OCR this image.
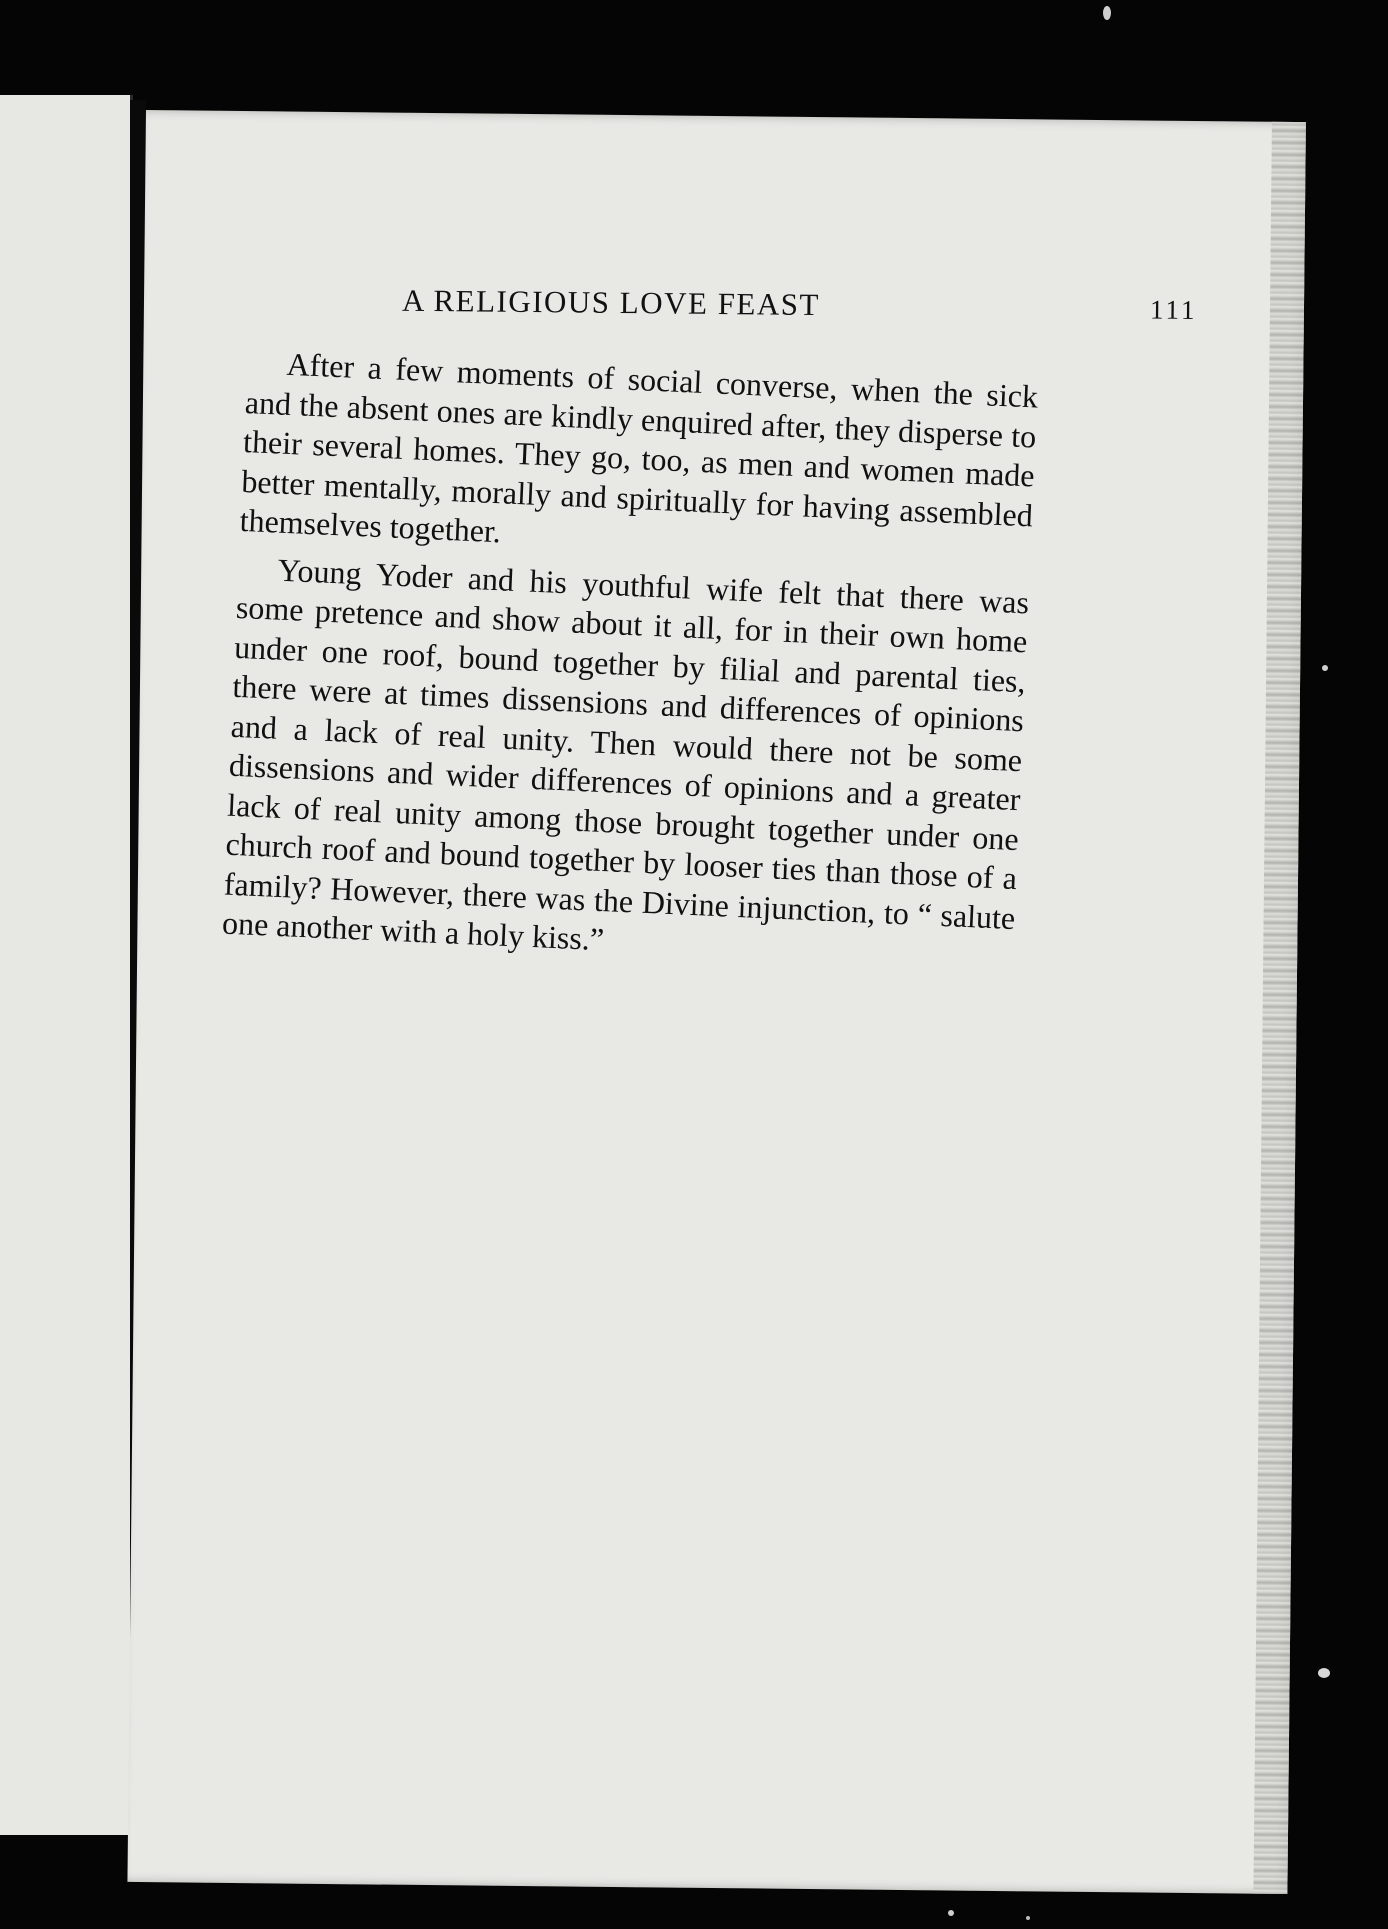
A RELIGIOUS LOVE FEAST	111

After a few moments of social converse, when the sick and the absent ones are kindly enquired after, they disperse to their several homes. They go, too, as men and women made better mentally, morally and spiritually for having assembled themselves together.

Young Yoder and his youthful wife felt that there was some pretence and show about it all, for in their own home under one roof, bound together by filial and parental ties, there were at times dissensions and differences of opinions and a lack of real unity. Then would there not be some dissensions and wider differences of opinions and a greater lack of real unity among those brought together under one church roof and bound together by looser ties than those of a family? However, there was the Divine injunction, to “ salute one another with a holy kiss.”
